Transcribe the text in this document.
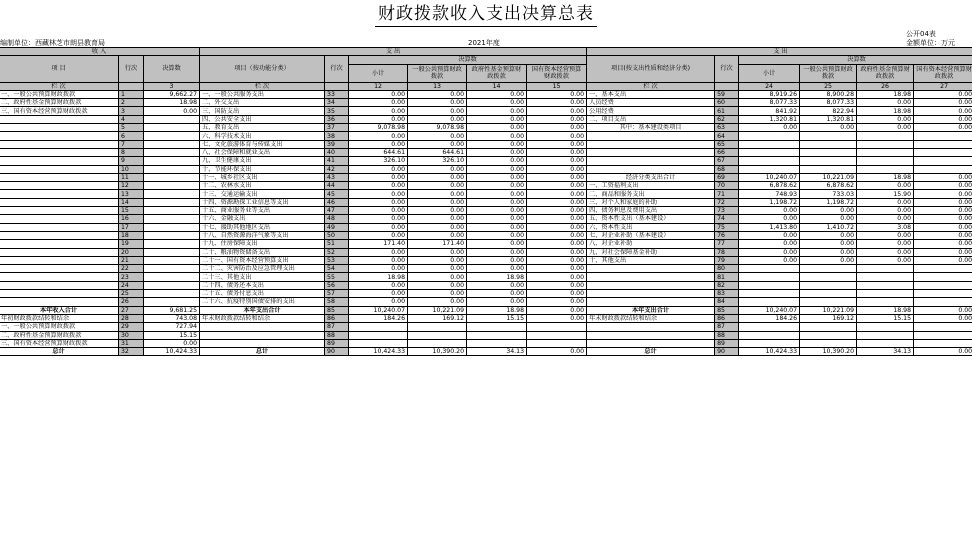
财政拨款收入支出决算总表
公开04表
编制单位：西藏林芝市朗县教育局	2021年度	金额单位：万元
收 入			支 出						支 出					
项 目	行次	决算数	项目（按功能分类）	行次	决算数				项目(按支出性质和经济分类)	行次	决算数			
					小计	一般公共预算财政拨款	政府性基金预算财政拨款	国有资本经营预算财政拨款			小计	一般公共预算财政拨款	政府性基金预算财政拨款	国有资本经营预算财政拨款
栏 次		3	栏 次		12	13	14	15	栏 次		24	25	26	27
一、一般公共预算财政拨款	1	9,662.27	一、一般公共服务支出	33	0.00	0.00	0.00	0.00	一、基本支出	59	8,919.26	8,900.28	18.98	0.00
二、政府性基金预算财政拨款	2	18.98	二、外交支出	34	0.00	0.00	0.00	0.00	人员经费	60	8,077.33	8,077.33	0.00	0.00
三、国有资本经营预算财政拨款	3	0.00	三、国防支出	35	0.00	0.00	0.00	0.00	公用经费	61	841.92	822.94	18.98	0.00
	4		四、公共安全支出	36	0.00	0.00	0.00	0.00	二、项目支出	62	1,320.81	1,320.81	0.00	0.00
	5		五、教育支出	37	9,078.98	9,078.98	0.00	0.00	其中：基本建设类项目	63	0.00	0.00	0.00	0.00
	6		六、科学技术支出	38	0.00	0.00	0.00	0.00		64				
	7		七、文化旅游体育与传媒支出	39	0.00	0.00	0.00	0.00		65				
	8		八、社会保障和就业支出	40	644.61	644.61	0.00	0.00		66				
	9		九、卫生健康支出	41	326.10	326.10	0.00	0.00		67				
	10		十、节能环保支出	42	0.00	0.00	0.00	0.00		68				
	11		十一、城乡社区支出	43	0.00	0.00	0.00	0.00	经济分类支出合计	69	10,240.07	10,221.09	18.98	0.00
	12		十二、农林水支出	44	0.00	0.00	0.00	0.00	一、工资福利支出	70	6,878.62	6,878.62	0.00	0.00
	13		十三、交通运输支出	45	0.00	0.00	0.00	0.00	二、商品和服务支出	71	748.93	733.03	15.90	0.00
	14		十四、资源勘探工业信息等支出	46	0.00	0.00	0.00	0.00	三、对个人和家庭的补助	72	1,198.72	1,198.72	0.00	0.00
	15		十五、商业服务业等支出	47	0.00	0.00	0.00	0.00	四、债务利息及费用支出	73	0.00	0.00	0.00	0.00
	16		十六、金融支出	48	0.00	0.00	0.00	0.00	五、资本性支出（基本建设）	74	0.00	0.00	0.00	0.00
	17		十七、援助其他地区支出	49	0.00	0.00	0.00	0.00	六、资本性支出	75	1,413.80	1,410.72	3.08	0.00
	18		十八、自然资源海洋气象等支出	50	0.00	0.00	0.00	0.00	七、对企业补助（基本建设）	76	0.00	0.00	0.00	0.00
	19		十九、住房保障支出	51	171.40	171.40	0.00	0.00	八、对企业补助	77	0.00	0.00	0.00	0.00
	20		二十、粮油物资储备支出	52	0.00	0.00	0.00	0.00	九、对社会保障基金补助	78	0.00	0.00	0.00	0.00
	21		二十一、国有资本经营预算支出	53	0.00	0.00	0.00	0.00	十、其他支出	79	0.00	0.00	0.00	0.00
	22		二十二、灾害防治及应急管理支出	54	0.00	0.00	0.00	0.00		80				
	23		二十三、其他支出	55	18.98	0.00	18.98	0.00		81				
	24		二十四、债务还本支出	56	0.00	0.00	0.00	0.00		82				
	25		二十五、债务付息支出	57	0.00	0.00	0.00	0.00		83				
	26		二十六、抗疫特别国债安排的支出	58	0.00	0.00	0.00	0.00		84				
本年收入合计	27	9,681.25	本年支出合计	85	10,240.07	10,221.09	18.98	0.00	本年支出合计	85	10,240.07	10,221.09	18.98	0.00
年初财政拨款结转和结余	28	743.08	年末财政拨款结转和结余	86	184.26	169.12	15.15	0.00	年末财政拨款结转和结余	86	184.26	169.12	15.15	0.00
一、一般公共预算财政拨款	29	727.94		87						87				
二、政府性基金预算财政拨款	30	15.15		88						88				
三、国有资本经营预算财政拨款	31	0.00		89						89				
总计	32	10,424.33	总计	90	10,424.33	10,390.20	34.13	0.00	总计	90	10,424.33	10,390.20	34.13	0.00
